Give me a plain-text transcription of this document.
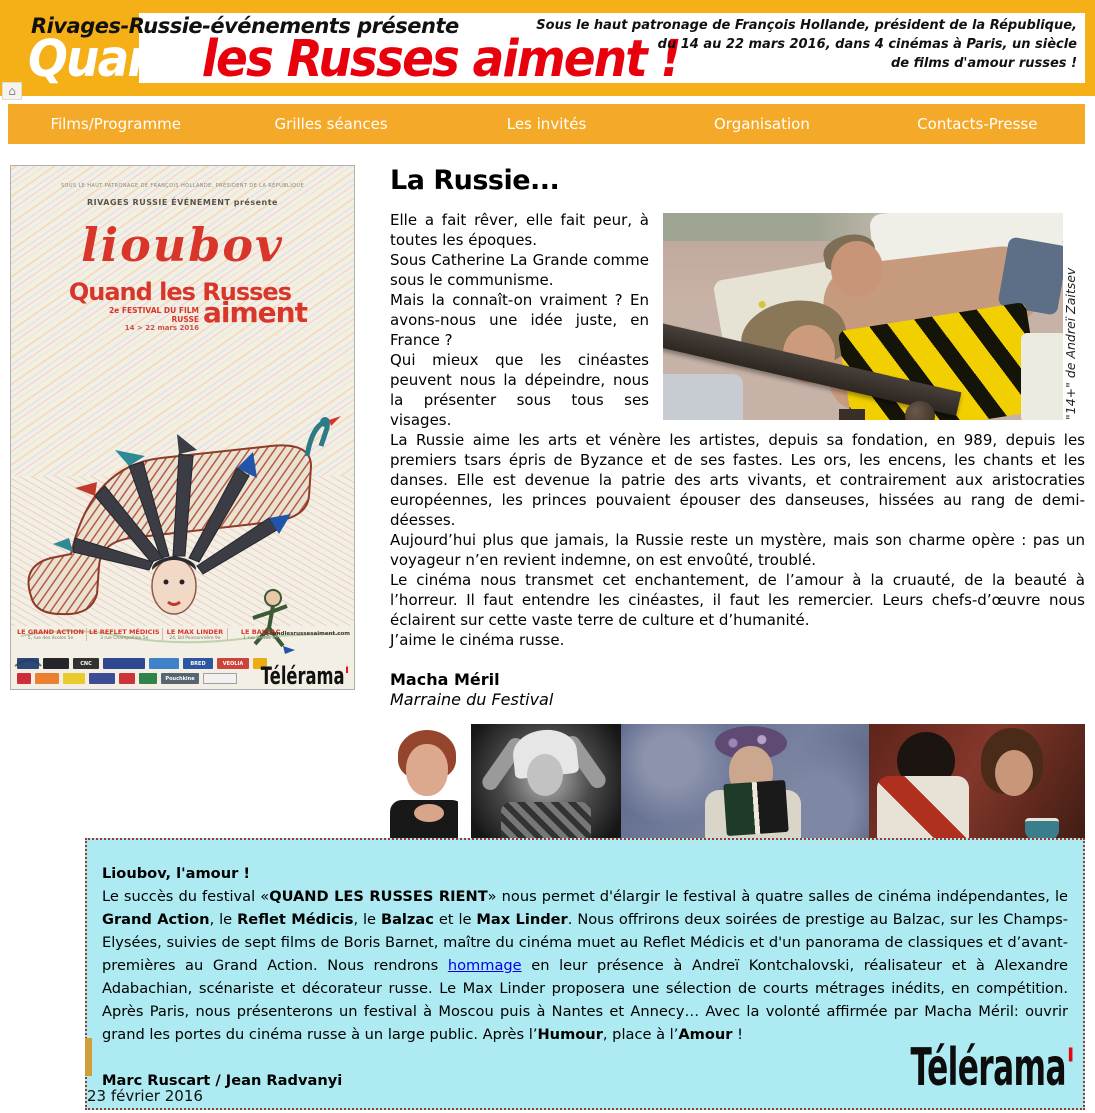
Rivages-Russie-événements présente
Quand les Russes aiment !
Sous le haut patronage de François Hollande, président de la République,
du 14 au 22 mars 2016, dans 4 cinémas à Paris, un siècle
de films d'amour russes !
⌂
Films/Programme	Grilles séances	Les invités	Organisation	Contacts-Presse
SOUS LE HAUT PATRONAGE DE FRANÇOIS HOLLANDE, PRÉSIDENT DE LA RÉPUBLIQUE
RIVAGES RUSSIE ÉVÉNEMENT présente
lioubov
Quand les Russes
2e FESTIVAL DU FILM RUSSE
14 > 22 mars 2016 aiment
LE GRAND ACTION
5, rue des écoles 5e
LE REFLET MÉDICIS
3 rue Champollion 5e
LE MAX LINDER
24, Bd Poissonnière 9e
LE BALZAC
1 rue Balzac 8e
quandlesrussesaiment.com
CNC	BRED	VEOLIA
Pouchkine	Télérama'
La Russie...
"14+" de Andreï Zaitsev

Elle a fait rêver, elle fait peur, à toutes les époques.

Sous Catherine La Grande comme sous le communisme.

Mais la connaît-on vraiment ? En avons-nous une idée juste, en France ?

Qui mieux que les cinéastes peuvent nous la dépeindre, nous la présenter sous tous ses visages.

La Russie aime les arts et vénère les artistes, depuis sa fondation, en 989, depuis les premiers tsars épris de Byzance et de ses fastes. Les ors, les encens, les chants et les danses. Elle est devenue la patrie des arts vivants, et contrairement aux aristocraties européennes, les princes pouvaient épouser des danseuses, hissées au rang de demi-déesses.

Aujourd’hui plus que jamais, la Russie reste un mystère, mais son charme opère : pas un voyageur n’en revient indemne, on est envoûté, troublé.

Le cinéma nous transmet cet enchantement, de l’amour à la cruauté, de la beauté à l’horreur. Il faut entendre les cinéastes, il faut les remercier. Leurs chefs-d’œuvre nous éclairent sur cette vaste terre de culture et d’humanité.

J’aime le cinéma russe.

Macha Méril

Marraine du Festival

Lioubov, l'amour !
Le succès du festival «QUAND LES RUSSES RIENT» nous permet d'élargir le festival à quatre salles de cinéma indépendantes, le Grand Action, le Reflet Médicis, le Balzac et le Max Linder. Nous offrirons deux soirées de prestige au Balzac, sur les Champs-Elysées, suivies de sept films de Boris Barnet, maître du cinéma muet au Reflet Médicis et d'un panorama de classiques et d’avant-premières au Grand Action. Nous rendrons hommage en leur présence à Andreï Kontchalovski, réalisateur et à Alexandre Adabachian, scénariste et décorateur russe. Le Max Linder proposera une sélection de courts métrages inédits, en compétition. Après Paris, nous présenterons un festival à Moscou puis à Nantes et Annecy… Avec la volonté affirmée par Macha Méril: ouvrir grand les portes du cinéma russe à un large public. Après l’Humour, place à l’Amour !
Marc Ruscart / Jean Radvanyi	Télérama'
23 février 2016
